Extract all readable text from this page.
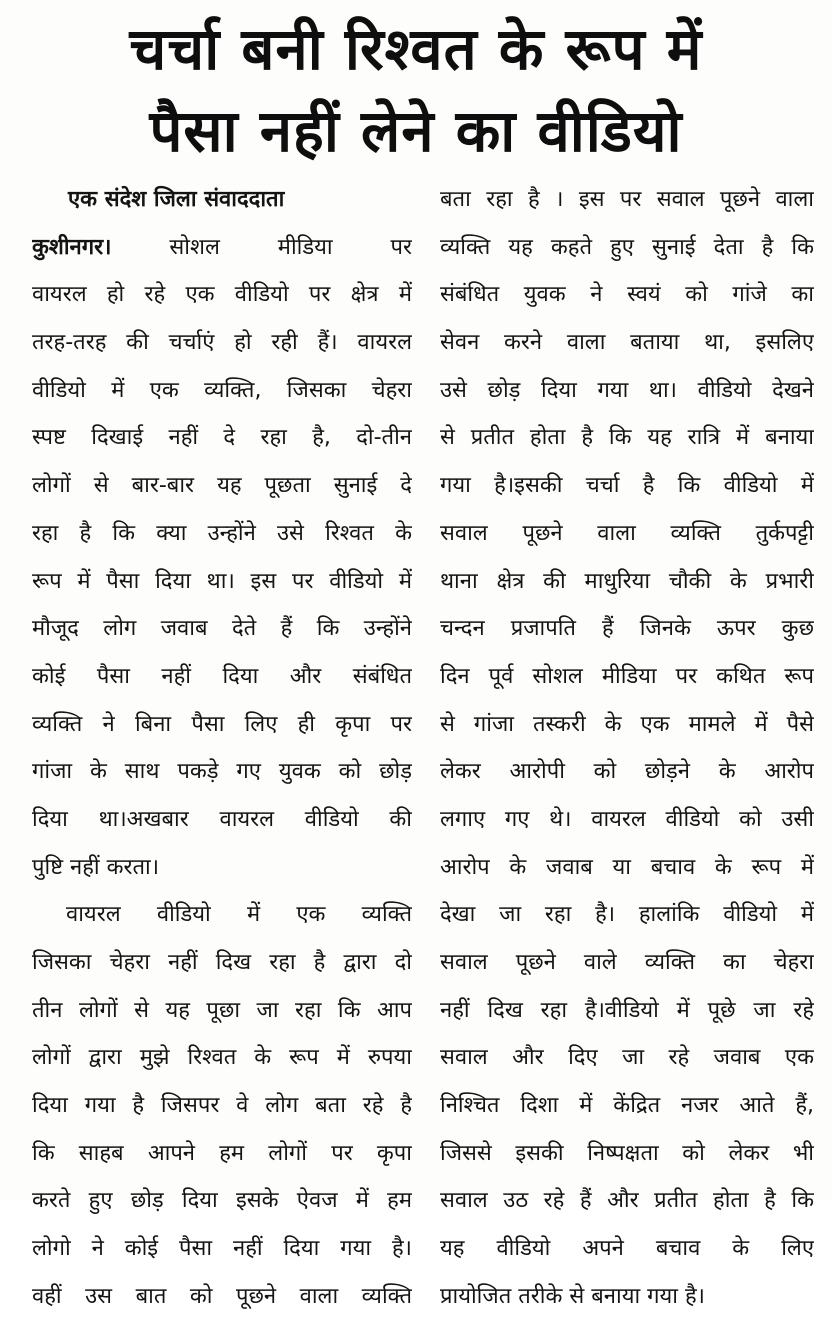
चर्चा बनी रिश्वत के रूप में
पैसा नहीं लेने का वीडियो
एक संदेश जिला संवाददाता
कुशीनगर।	सोशल मीडिया पर
वायरल हो रहे एक वीडियो पर क्षेत्र में
तरह-तरह की चर्चाएं हो रही हैं। वायरल
वीडियो में एक व्यक्ति, जिसका चेहरा
स्पष्ट दिखाई नहीं दे रहा है, दो-तीन
लोगों से बार-बार यह पूछता सुनाई दे
रहा है कि क्या उन्होंने उसे रिश्वत के
रूप में पैसा दिया था। इस पर वीडियो में
मौजूद लोग जवाब देते हैं कि उन्होंने
कोई पैसा नहीं दिया और संबंधित
व्यक्ति ने बिना पैसा लिए ही कृपा पर
गांजा के साथ पकड़े गए युवक को छोड़
दिया था।अखबार वायरल वीडियो की
पुष्टि नहीं करता।
वायरल वीडियो में एक व्यक्ति
जिसका चेहरा नहीं दिख रहा है द्वारा दो
तीन लोगों से यह पूछा जा रहा कि आप
लोगों द्वारा मुझे रिश्वत के रूप में रुपया
दिया गया है जिसपर वे लोग बता रहे है
कि साहब आपने हम लोगों पर कृपा
करते हुए छोड़ दिया इसके ऐवज में हम
लोगो ने कोई पैसा नहीं दिया गया है।
वहीं उस बात को पूछने वाला व्यक्ति
बता रहा है । इस पर सवाल पूछने वाला
व्यक्ति यह कहते हुए सुनाई देता है कि
संबंधित युवक ने स्वयं को गांजे का
सेवन करने वाला बताया था, इसलिए
उसे छोड़ दिया गया था। वीडियो देखने
से प्रतीत होता है कि यह रात्रि में बनाया
गया है।इसकी चर्चा है कि वीडियो में
सवाल पूछने वाला व्यक्ति तुर्कपट्टी
थाना क्षेत्र की माधुरिया चौकी के प्रभारी
चन्दन प्रजापति हैं जिनके ऊपर कुछ
दिन पूर्व सोशल मीडिया पर कथित रूप
से गांजा तस्करी के एक मामले में पैसे
लेकर आरोपी को छोड़ने के आरोप
लगाए गए थे। वायरल वीडियो को उसी
आरोप के जवाब या बचाव के रूप में
देखा जा रहा है। हालांकि वीडियो में
सवाल पूछने वाले व्यक्ति का चेहरा
नहीं दिख रहा है।वीडियो में पूछे जा रहे
सवाल और दिए जा रहे जवाब एक
निश्चित दिशा में केंद्रित नजर आते हैं,
जिससे इसकी निष्पक्षता को लेकर भी
सवाल उठ रहे हैं और प्रतीत होता है कि
यह वीडियो अपने बचाव के लिए
प्रायोजित तरीके से बनाया गया है।
